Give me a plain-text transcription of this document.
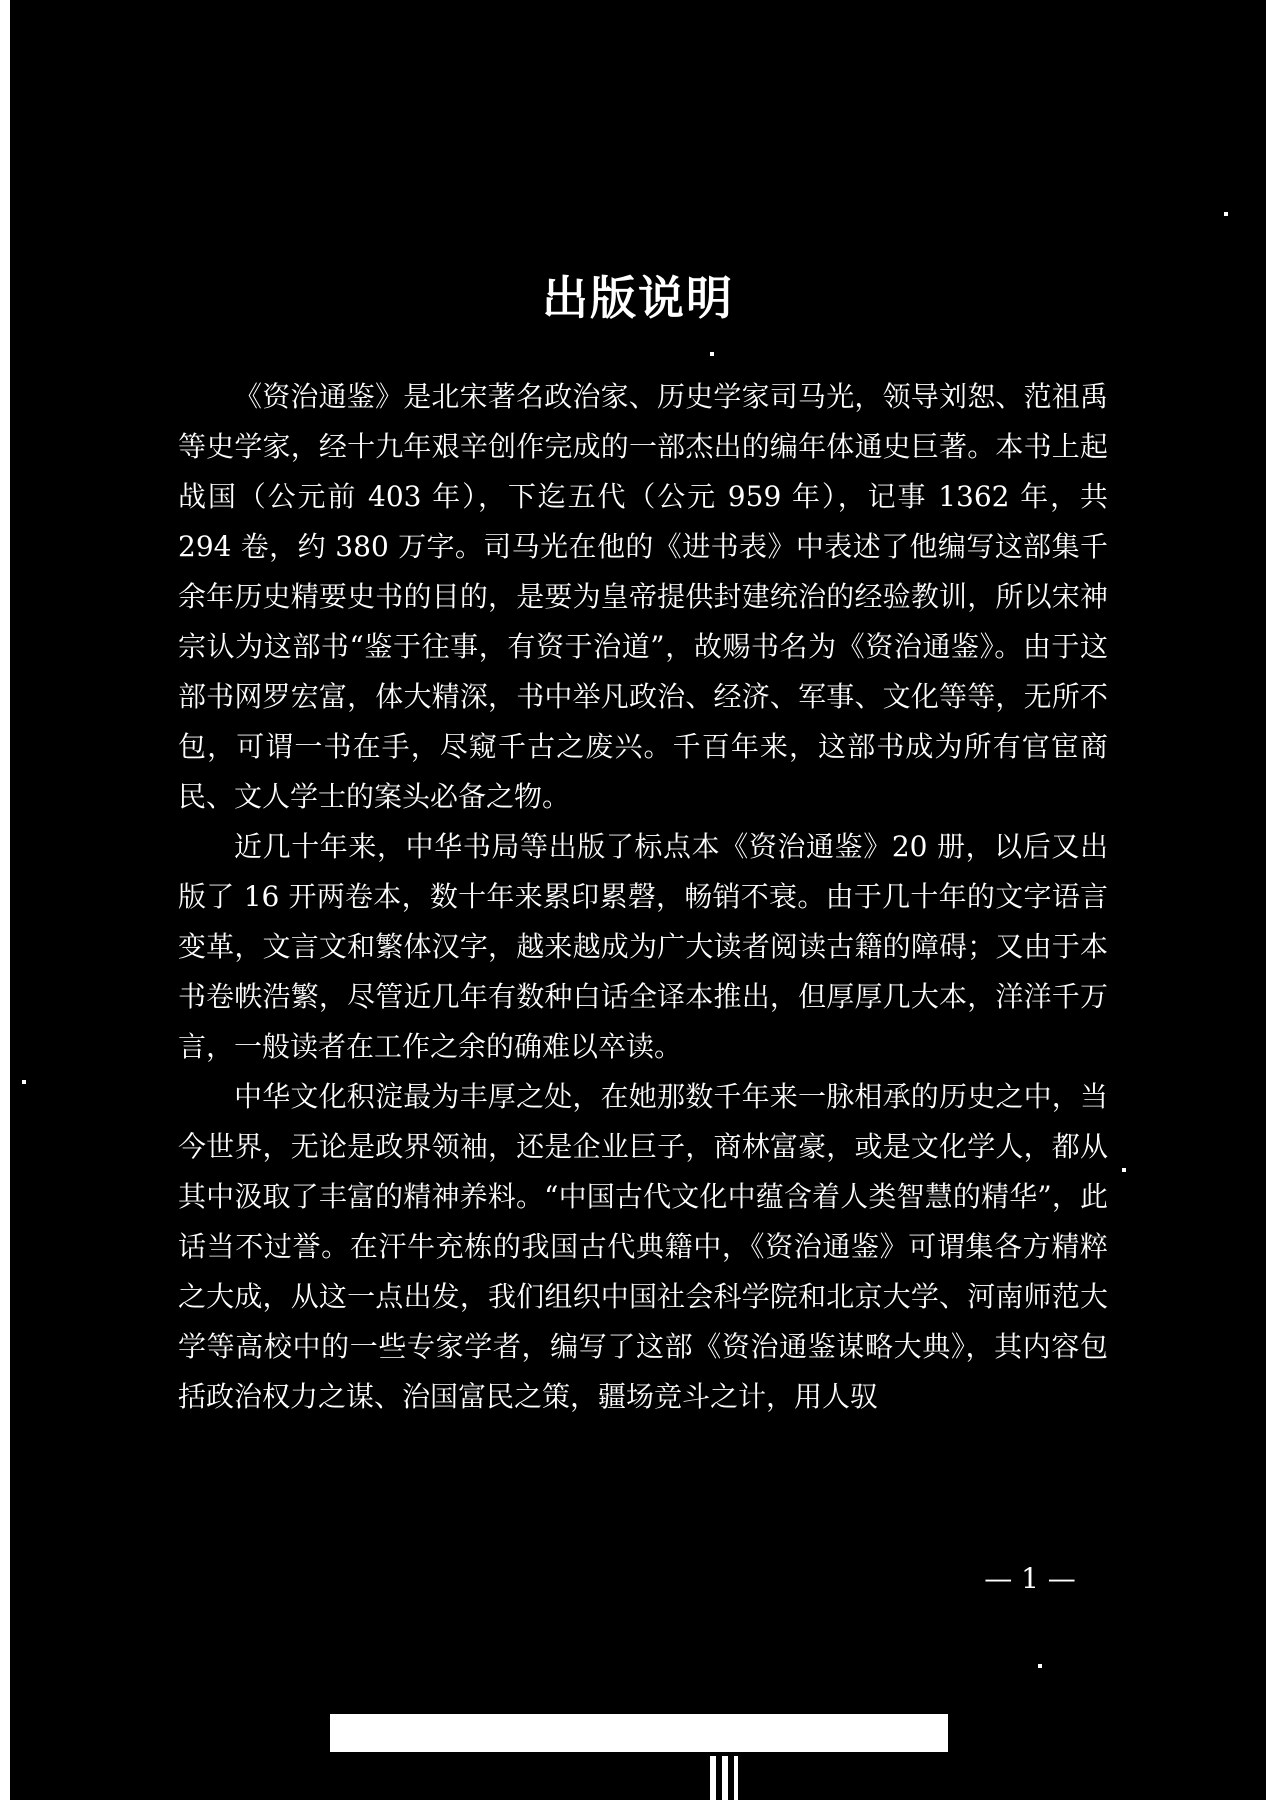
出版说明

《资治通鉴》是北宋著名政治家、历史学家司马光，领导刘恕、范祖禹等史学家，经十九年艰辛创作完成的一部杰出的编年体通史巨著。本书上起战国（公元前 403 年），下迄五代（公元 959 年），记事 1362 年，共 294 卷，约 380 万字。司马光在他的《进书表》中表述了他编写这部集千余年历史精要史书的目的，是要为皇帝提供封建统治的经验教训，所以宋神宗认为这部书“鉴于往事，有资于治道”，故赐书名为《资治通鉴》。由于这部书网罗宏富，体大精深，书中举凡政治、经济、军事、文化等等，无所不包，可谓一书在手，尽窥千古之废兴。千百年来，这部书成为所有官宦商民、文人学士的案头必备之物。

近几十年来，中华书局等出版了标点本《资治通鉴》20 册，以后又出版了 16 开两卷本，数十年来累印累磬，畅销不衰。由于几十年的文字语言变革，文言文和繁体汉字，越来越成为广大读者阅读古籍的障碍；又由于本书卷帙浩繁，尽管近几年有数种白话全译本推出，但厚厚几大本，洋洋千万言，一般读者在工作之余的确难以卒读。

中华文化积淀最为丰厚之处，在她那数千年来一脉相承的历史之中，当今世界，无论是政界领袖，还是企业巨子，商林富豪，或是文化学人，都从其中汲取了丰富的精神养料。“中国古代文化中蕴含着人类智慧的精华”，此话当不过誉。在汗牛充栋的我国古代典籍中，《资治通鉴》可谓集各方精粹之大成，从这一点出发，我们组织中国社会科学院和北京大学、河南师范大学等高校中的一些专家学者，编写了这部《资治通鉴谋略大典》，其内容包括政治权力之谋、治国富民之策，疆场竞斗之计，用人驭

— 1 —
